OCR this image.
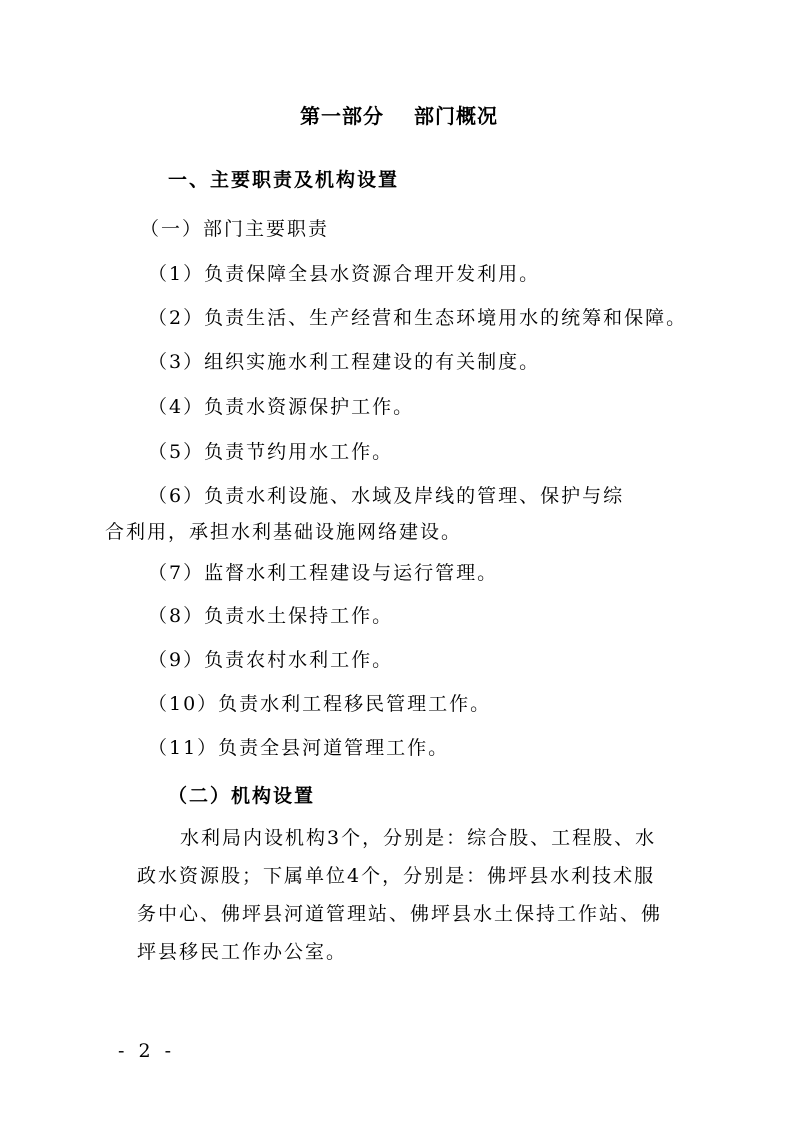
第一部分 部门概况
一、主要职责及机构设置
（一）部门主要职责
（1）负责保障全县水资源合理开发利用。
（2）负责生活、生产经营和生态环境用水的统筹和保障。
（3）组织实施水利工程建设的有关制度。
（4）负责水资源保护工作。
（5）负责节约用水工作。
（6）负责水利设施、水域及岸线的管理、保护与综
合利用，承担水利基础设施网络建设。
（7）监督水利工程建设与运行管理。
（8）负责水土保持工作。
（9）负责农村水利工作。
（10）负责水利工程移民管理工作。
（11）负责全县河道管理工作。
（二）机构设置
水利局内设机构3个，分别是：综合股、工程股、水
政水资源股；下属单位4个，分别是：佛坪县水利技术服
务中心、佛坪县河道管理站、佛坪县水土保持工作站、佛
坪县移民工作办公室。
- 2 -
